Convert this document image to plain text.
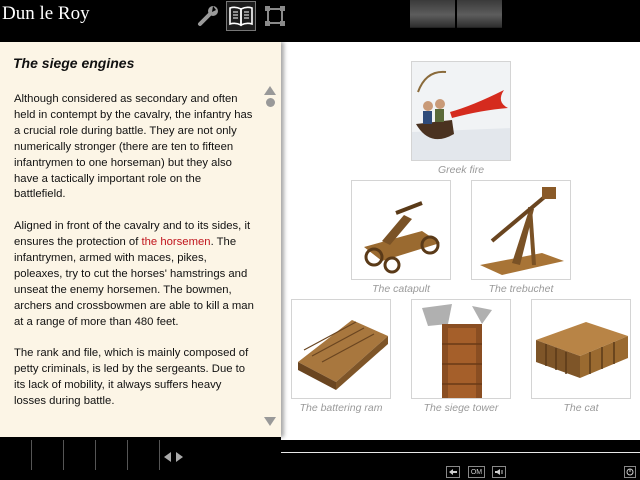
Dun le Roy
Greek fire
The catapult	The trebuchet
The battering ram	The siege tower	The cat
The siege engines

Although considered as secondary and often held in contempt by the cavalry, the infantry has a crucial role during battle. They are not only numerically stronger (there are ten to fifteen infantrymen to one horseman) but they also have a tactically important role on the battlefield.

Aligned in front of the cavalry and to its sides, it ensures the protection of the horsemen. The infantrymen, armed with maces, pikes, poleaxes, try to cut the horses' hamstrings and unseat the enemy horsemen. The bowmen, archers and crossbowmen are able to kill a man at a range of more than 480 feet.

The rank and file, which is mainly composed of petty criminals, is led by the sergeants. Due to its lack of mobility, it always suffers heavy losses during battle.

OM
